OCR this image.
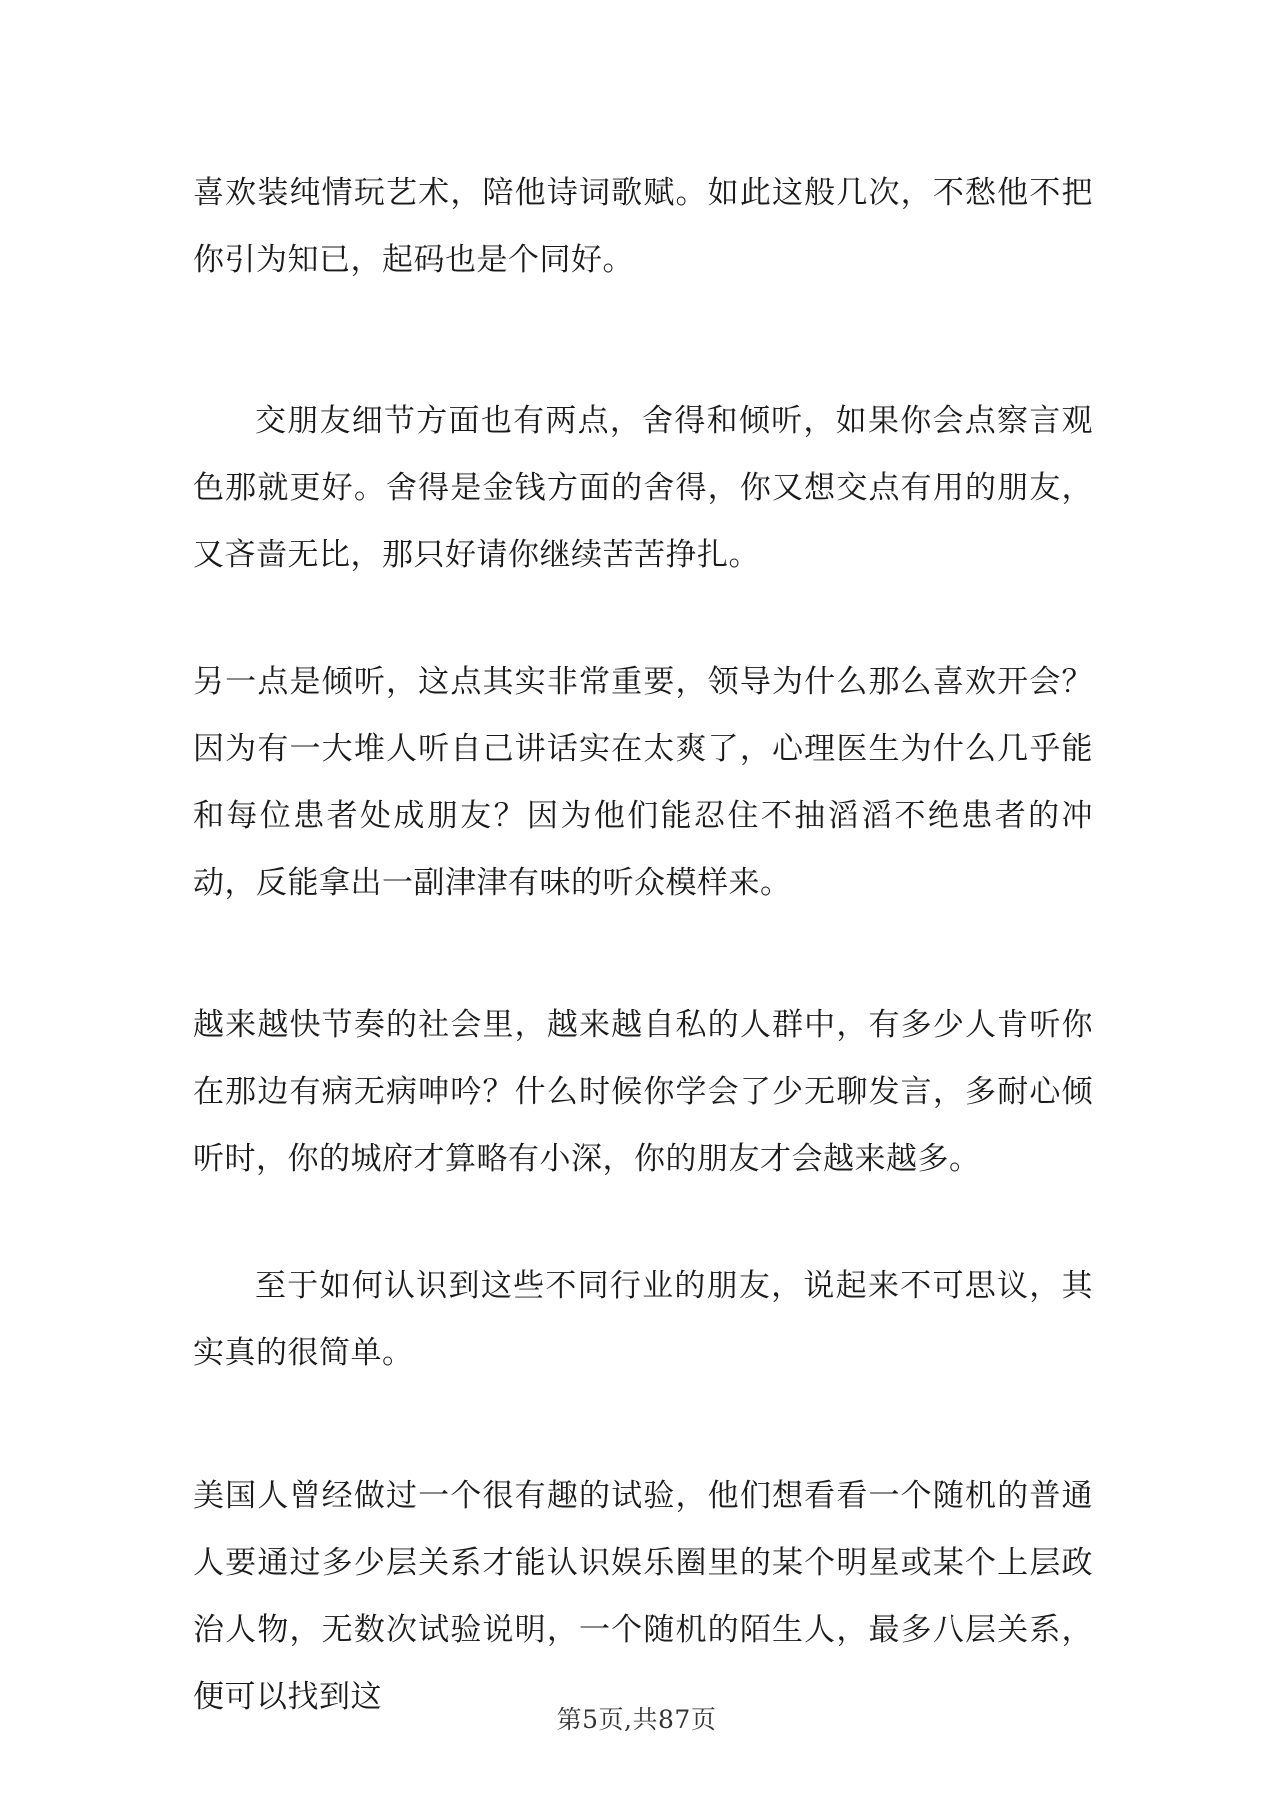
喜欢装纯情玩艺术，陪他诗词歌赋。如此这般几次，不愁他不把你引为知已，起码也是个同好。

交朋友细节方面也有两点，舍得和倾听，如果你会点察言观色那就更好。舍得是金钱方面的舍得，你又想交点有用的朋友，又吝啬无比，那只好请你继续苦苦挣扎。

另一点是倾听，这点其实非常重要，领导为什么那么喜欢开会？因为有一大堆人听自己讲话实在太爽了，心理医生为什么几乎能和每位患者处成朋友？因为他们能忍住不抽滔滔不绝患者的冲动，反能拿出一副津津有味的听众模样来。

越来越快节奏的社会里，越来越自私的人群中，有多少人肯听你在那边有病无病呻吟？什么时候你学会了少无聊发言，多耐心倾听时，你的城府才算略有小深，你的朋友才会越来越多。

至于如何认识到这些不同行业的朋友，说起来不可思议，其实真的很简单。

美国人曾经做过一个很有趣的试验，他们想看看一个随机的普通人要通过多少层关系才能认识娱乐圈里的某个明星或某个上层政治人物，无数次试验说明，一个随机的陌生人，最多八层关系，便可以找到这

第5页,共87页
